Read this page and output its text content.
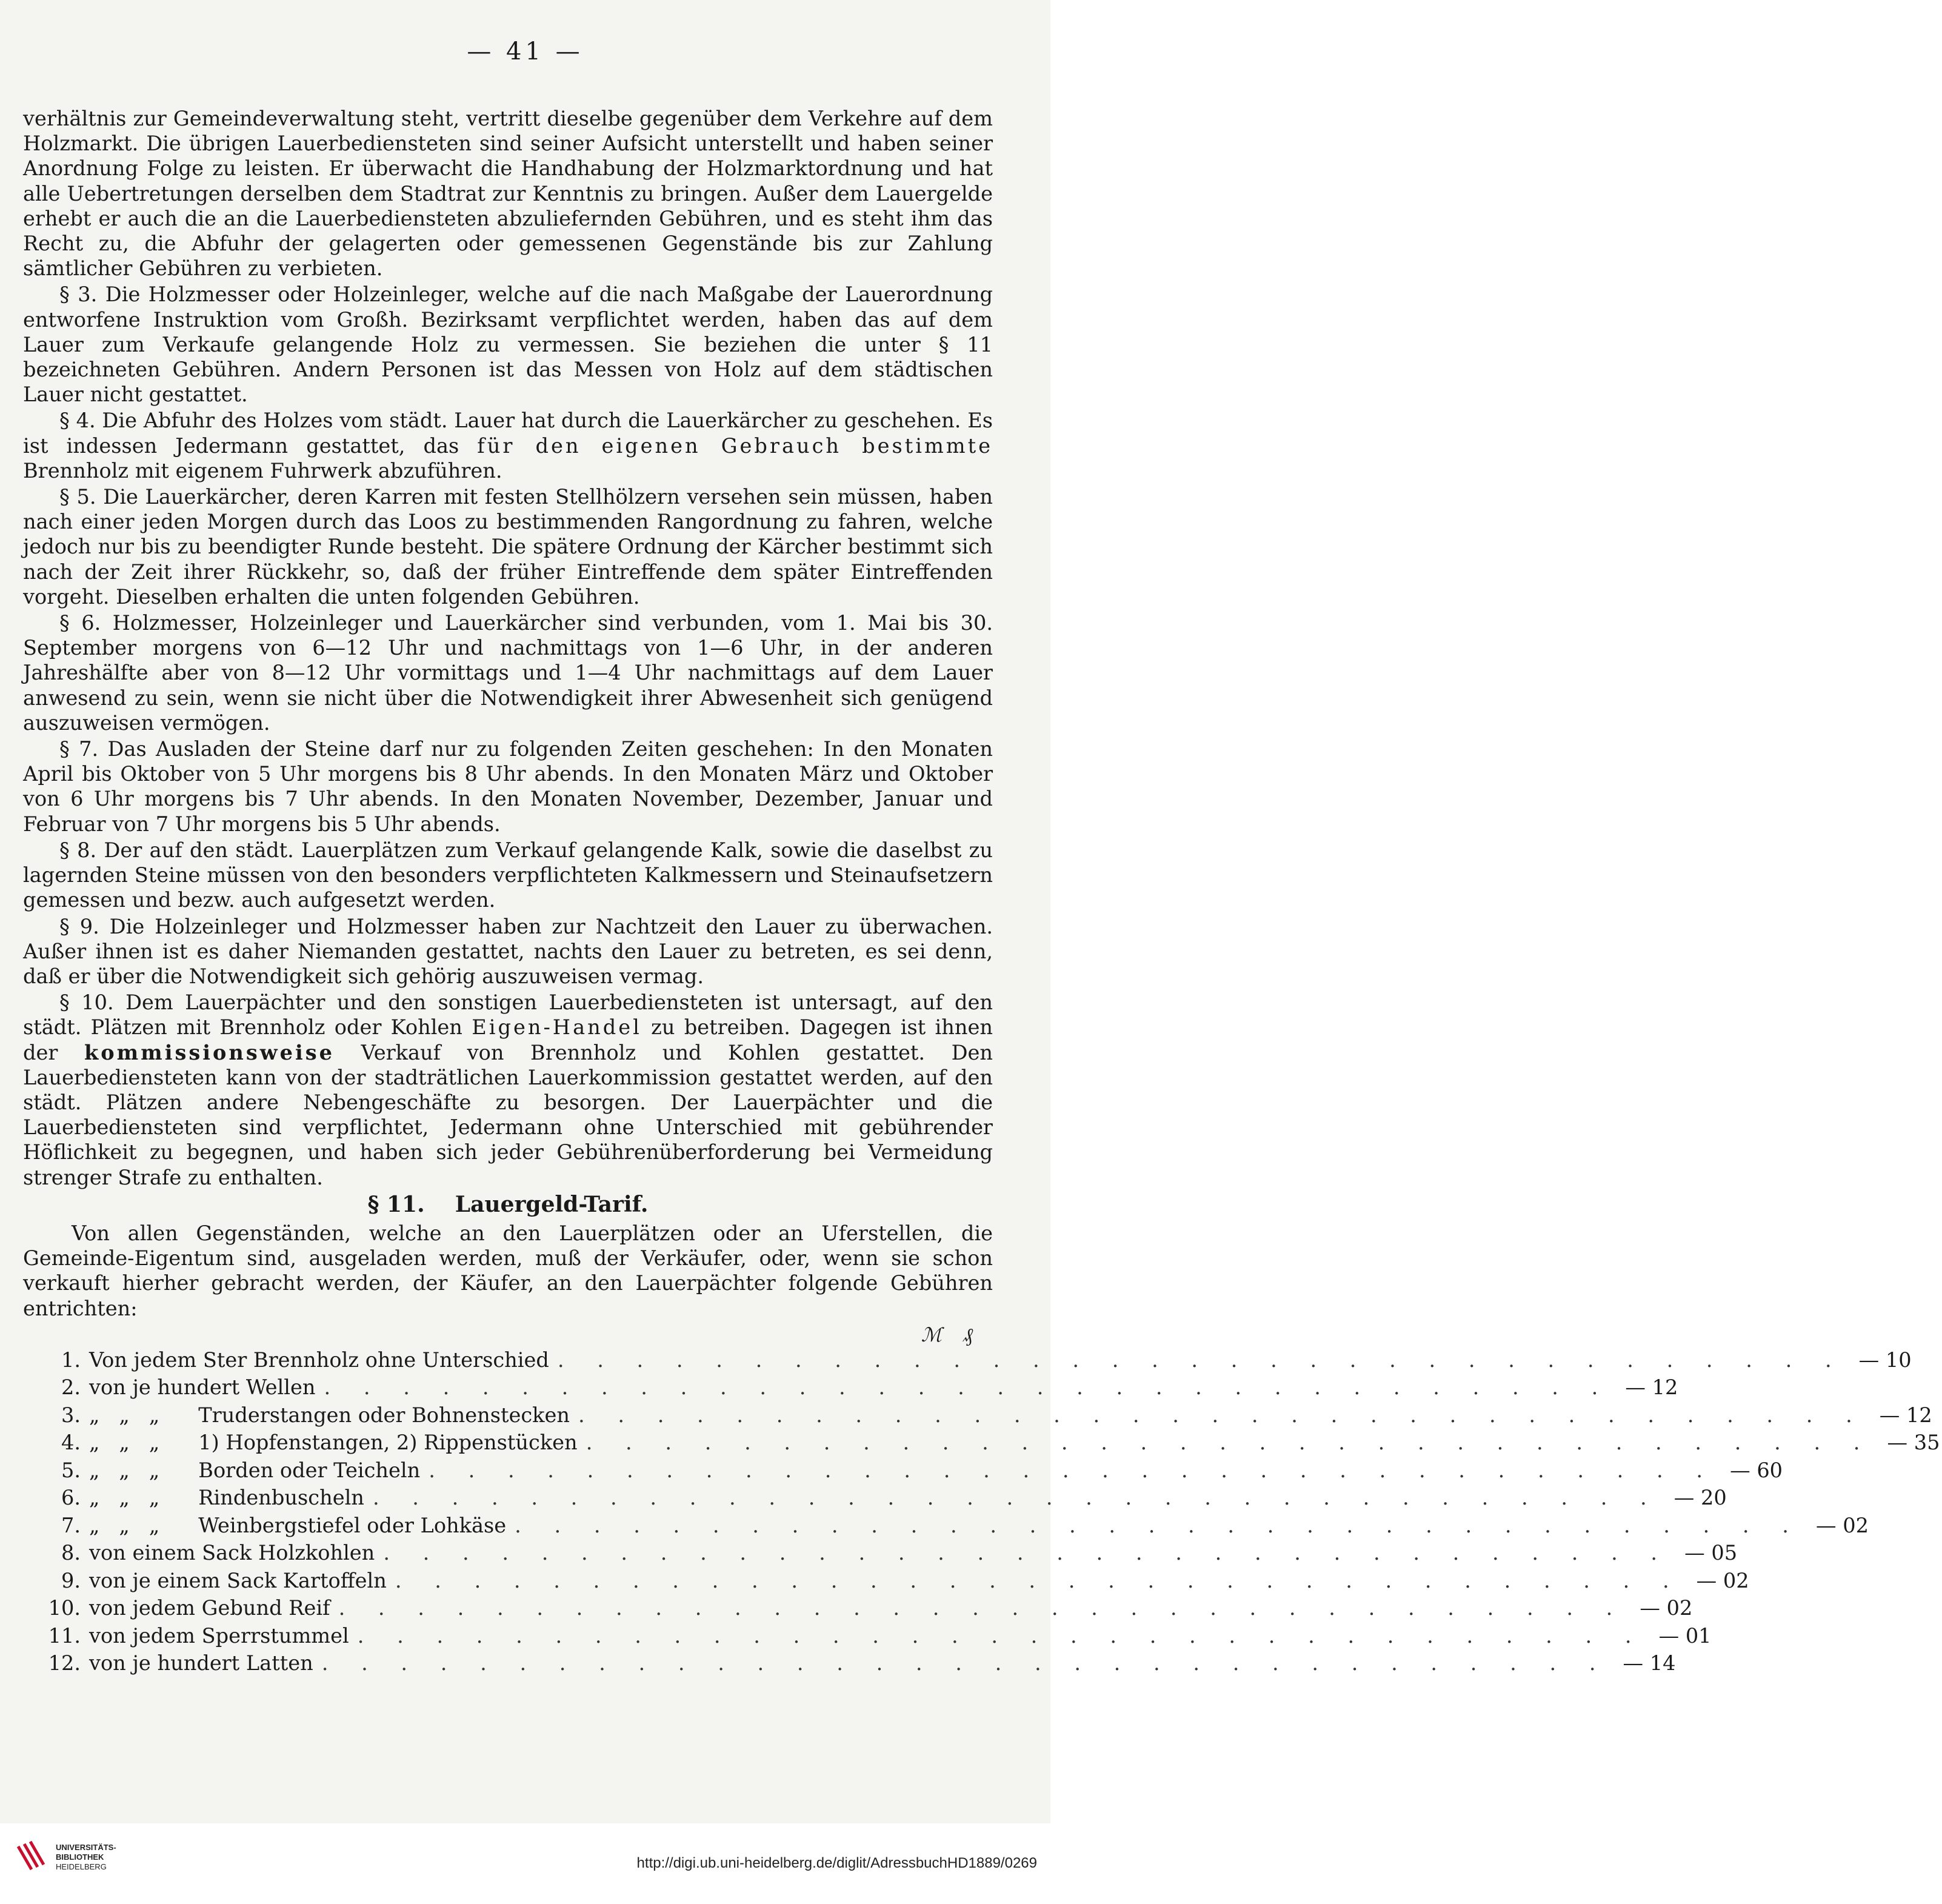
— 41 —

verhältnis zur Gemeindeverwaltung steht, vertritt dieselbe gegenüber dem Verkehre auf dem Holzmarkt. Die übrigen Lauerbediensteten sind seiner Aufsicht unterstellt und haben seiner Anordnung Folge zu leisten. Er überwacht die Handhabung der Holzmarktordnung und hat alle Uebertretungen derselben dem Stadtrat zur Kenntnis zu bringen. Außer dem Lauergelde erhebt er auch die an die Lauerbediensteten abzuliefernden Gebühren, und es steht ihm das Recht zu, die Abfuhr der gelagerten oder gemessenen Gegenstände bis zur Zahlung sämtlicher Gebühren zu verbieten.

§ 3. Die Holzmesser oder Holzeinleger, welche auf die nach Maßgabe der Lauerordnung entworfene Instruktion vom Großh. Bezirksamt verpflichtet werden, haben das auf dem Lauer zum Verkaufe gelangende Holz zu vermessen. Sie beziehen die unter § 11 bezeichneten Gebühren. Andern Personen ist das Messen von Holz auf dem städtischen Lauer nicht gestattet.

§ 4. Die Abfuhr des Holzes vom städt. Lauer hat durch die Lauerkärcher zu geschehen. Es ist indessen Jedermann gestattet, das für den eigenen Gebrauch bestimmte Brennholz mit eigenem Fuhrwerk abzuführen.

§ 5. Die Lauerkärcher, deren Karren mit festen Stellhölzern versehen sein müssen, haben nach einer jeden Morgen durch das Loos zu bestimmenden Rangordnung zu fahren, welche jedoch nur bis zu beendigter Runde besteht. Die spätere Ordnung der Kärcher bestimmt sich nach der Zeit ihrer Rückkehr, so, daß der früher Eintreffende dem später Eintreffenden vorgeht. Dieselben erhalten die unten folgenden Gebühren.

§ 6. Holzmesser, Holzeinleger und Lauerkärcher sind verbunden, vom 1. Mai bis 30. September morgens von 6—12 Uhr und nachmittags von 1—6 Uhr, in der anderen Jahreshälfte aber von 8—12 Uhr vormittags und 1—4 Uhr nachmittags auf dem Lauer anwesend zu sein, wenn sie nicht über die Notwendigkeit ihrer Abwesenheit sich genügend auszuweisen vermögen.

§ 7. Das Ausladen der Steine darf nur zu folgenden Zeiten geschehen: In den Monaten April bis Oktober von 5 Uhr morgens bis 8 Uhr abends. In den Monaten März und Oktober von 6 Uhr morgens bis 7 Uhr abends. In den Monaten November, Dezember, Januar und Februar von 7 Uhr morgens bis 5 Uhr abends.

§ 8. Der auf den städt. Lauerplätzen zum Verkauf gelangende Kalk, sowie die daselbst zu lagernden Steine müssen von den besonders verpflichteten Kalkmessern und Steinaufsetzern gemessen und bezw. auch aufgesetzt werden.

§ 9. Die Holzeinleger und Holzmesser haben zur Nachtzeit den Lauer zu überwachen. Außer ihnen ist es daher Niemanden gestattet, nachts den Lauer zu betreten, es sei denn, daß er über die Notwendigkeit sich gehörig auszuweisen vermag.

§ 10. Dem Lauerpächter und den sonstigen Lauerbediensteten ist untersagt, auf den städt. Plätzen mit Brennholz oder Kohlen Eigen-Handel zu betreiben. Dagegen ist ihnen der kommissionsweise Verkauf von Brennholz und Kohlen gestattet. Den Lauerbediensteten kann von der stadträtlichen Lauerkommission gestattet werden, auf den städt. Plätzen andere Nebengeschäfte zu besorgen. Der Lauerpächter und die Lauerbediensteten sind verpflichtet, Jedermann ohne Unterschied mit gebührender Höflichkeit zu begegnen, und haben sich jeder Gebührenüberforderung bei Vermeidung strenger Strafe zu enthalten.

§ 11. Lauergeld-Tarif.

Von allen Gegenständen, welche an den Lauerplätzen oder an Uferstellen, die Gemeinde-Eigentum sind, ausgeladen werden, muß der Verkäufer, oder, wenn sie schon verkauft hierher gebracht werden, der Käufer, an den Lauerpächter folgende Gebühren entrichten:

ℳ ₰
1. Von jedem Ster Brennholz ohne Unterschied . . . . . . . . . . . . . . . . . . . . . . . . . . . . . . . . . — 10
2. von je hundert Wellen . . . . . . . . . . . . . . . . . . . . . . . . . . . . . . . . . — 12
3. „   „   „      Truderstangen oder Bohnenstecken . . . . . . . . . . . . . . . . . . . . . . . . . . . . . . . . . — 12
4. „   „   „      1) Hopfenstangen, 2) Rippenstücken . . . . . . . . . . . . . . . . . . . . . . . . . . . . . . . . . — 35
5. „   „   „      Borden oder Teicheln . . . . . . . . . . . . . . . . . . . . . . . . . . . . . . . . . — 60
6. „   „   „      Rindenbuscheln . . . . . . . . . . . . . . . . . . . . . . . . . . . . . . . . . — 20
7. „   „   „      Weinbergstiefel oder Lohkäse . . . . . . . . . . . . . . . . . . . . . . . . . . . . . . . . . — 02
8. von einem Sack Holzkohlen . . . . . . . . . . . . . . . . . . . . . . . . . . . . . . . . . — 05
9. von je einem Sack Kartoffeln . . . . . . . . . . . . . . . . . . . . . . . . . . . . . . . . . — 02
10. von jedem Gebund Reif . . . . . . . . . . . . . . . . . . . . . . . . . . . . . . . . . — 02
11. von jedem Sperrstummel . . . . . . . . . . . . . . . . . . . . . . . . . . . . . . . . . — 01
12. von je hundert Latten . . . . . . . . . . . . . . . . . . . . . . . . . . . . . . . . . — 14
UNIVERSITÄTS-
BIBLIOTHEK
HEIDELBERG	http://digi.ub.uni-heidelberg.de/diglit/AdressbuchHD1889/0269
